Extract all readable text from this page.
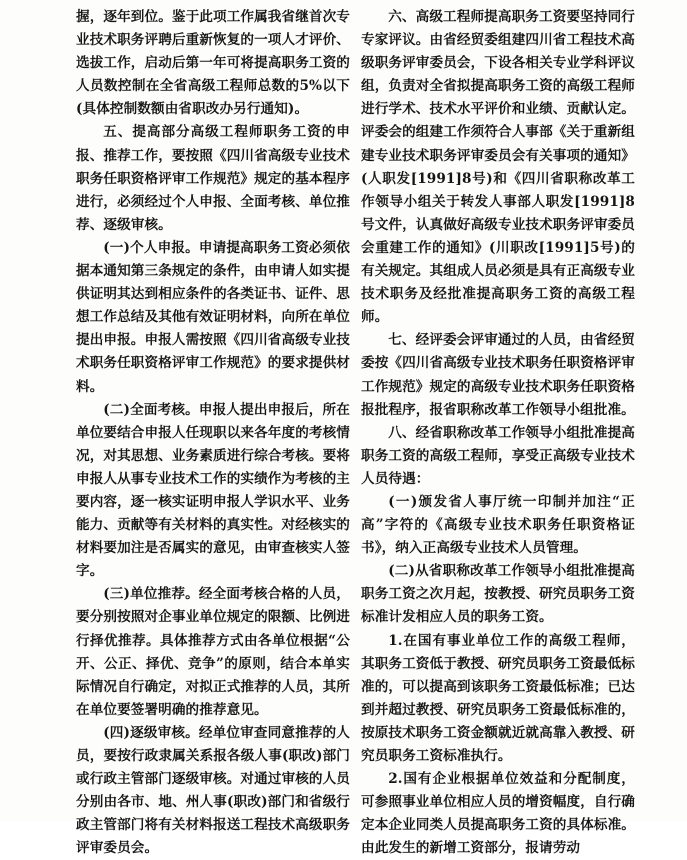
握，逐年到位。鉴于此项工作属我省继首次专业技术职务评聘后重新恢复的一项人才评价、选拔工作，启动后第一年可将提高职务工资的人员数控制在全省高级工程师总数的5%以下(具体控制数额由省职改办另行通知)。

五、提高部分高级工程师职务工资的申报、推荐工作，要按照《四川省高级专业技术职务任职资格评审工作规范》规定的基本程序进行，必须经过个人申报、全面考核、单位推荐、逐级审核。

(一)个人申报。申请提高职务工资必须依据本通知第三条规定的条件，由申请人如实提供证明其达到相应条件的各类证书、证件、思想工作总结及其他有效证明材料，向所在单位提出申报。申报人需按照《四川省高级专业技术职务任职资格评审工作规范》的要求提供材料。

(二)全面考核。申报人提出申报后，所在单位要结合申报人任现职以来各年度的考核情况，对其思想、业务素质进行综合考核。要将申报人从事专业技术工作的实绩作为考核的主要内容，逐一核实证明申报人学识水平、业务能力、贡献等有关材料的真实性。对经核实的材料要加注是否属实的意见，由审查核实人签字。

(三)单位推荐。经全面考核合格的人员，要分别按照对企事业单位规定的限额、比例进行择优推荐。具体推荐方式由各单位根据“公开、公正、择优、竞争”的原则，结合本单实际情况自行确定，对拟正式推荐的人员，其所在单位要签署明确的推荐意见。

(四)逐级审核。经单位审查同意推荐的人员，要按行政隶属关系报各级人事(职改)部门或行政主管部门逐级审核。对通过审核的人员分别由各市、地、州人事(职改)部门和省级行政主管部门将有关材料报送工程技术高级职务评审委员会。

六、高级工程师提高职务工资要坚持同行专家评议。由省经贸委组建四川省工程技术高级职务评审委员会，下设各相关专业学科评议组，负责对全省拟提高职务工资的高级工程师进行学术、技术水平评价和业绩、贡献认定。评委会的组建工作须符合人事部《关于重新组建专业技术职务评审委员会有关事项的通知》(人职发[1991]8号)和《四川省职称改革工作领导小组关于转发人事部人职发[1991]8号文件，认真做好高级专业技术职务评审委员会重建工作的通知》(川职改[1991]5号)的有关规定。其组成人员必须是具有正高级专业技术职务及经批准提高职务工资的高级工程师。

七、经评委会评审通过的人员，由省经贸委按《四川省高级专业技术职务任职资格评审工作规范》规定的高级专业技术职务任职资格报批程序，报省职称改革工作领导小组批准。

八、经省职称改革工作领导小组批准提高职务工资的高级工程师，享受正高级专业技术人员待遇：

(一)颁发省人事厅统一印制并加注“正高”字符的《高级专业技术职务任职资格证书》，纳入正高级专业技术人员管理。

(二)从省职称改革工作领导小组批准提高职务工资之次月起，按教授、研究员职务工资标准计发相应人员的职务工资。

1.在国有事业单位工作的高级工程师，其职务工资低于教授、研究员职务工资最低标准的，可以提高到该职务工资最低标准；已达到并超过教授、研究员职务工资最低标准的，按原技术职务工资金额就近就高靠入教授、研究员职务工资标准执行。

2.国有企业根据单位效益和分配制度，可参照事业单位相应人员的增资幅度，自行确定本企业同类人员提高职务工资的具体标准。由此发生的新增工资部分，报请劳动
